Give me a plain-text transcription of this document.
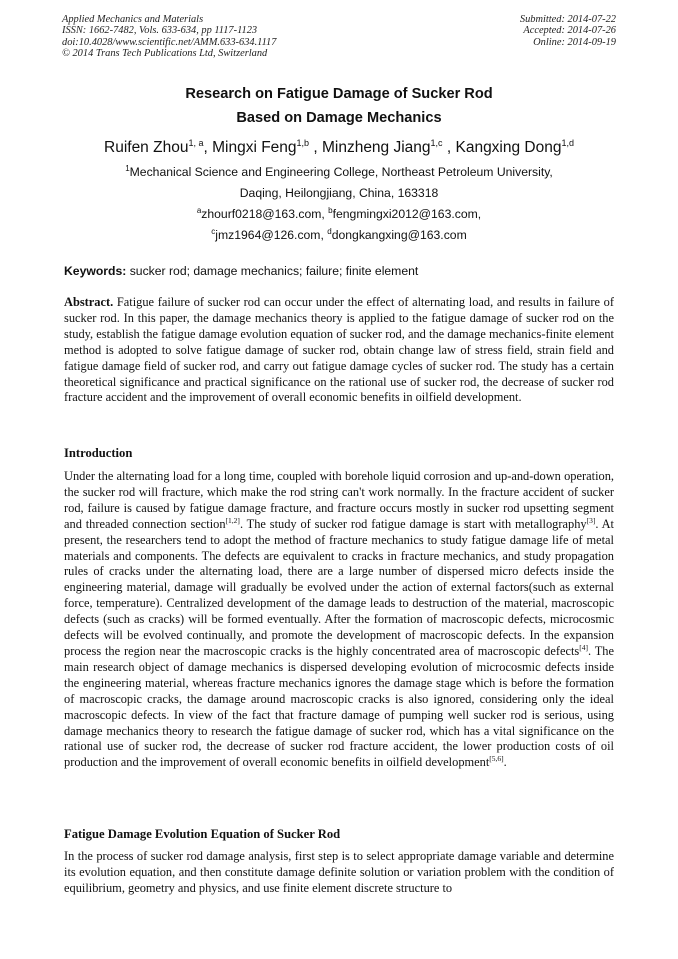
Applied Mechanics and Materials
ISSN: 1662-7482, Vols. 633-634, pp 1117-1123
doi:10.4028/www.scientific.net/AMM.633-634.1117
© 2014 Trans Tech Publications Ltd, Switzerland
Submitted: 2014-07-22
Accepted: 2014-07-26
Online: 2014-09-19
Research on Fatigue Damage of Sucker Rod
Based on Damage Mechanics
Ruifen Zhou$^{1, a}$, Mingxi Feng$^{1,b}$ , Minzheng Jiang$^{1,c}$ , Kangxing Dong$^{1,d}$
$^1$Mechanical Science and Engineering College, Northeast Petroleum University,
Daqing, Heilongjiang, China, 163318
$^a$zhourf0218@163.com, $^b$fengmingxi2012@163.com,
$^c$jmz1964@126.com, $^d$dongkangxing@163.com
Keywords: sucker rod; damage mechanics; failure; finite element
Abstract. Fatigue failure of sucker rod can occur under the effect of alternating load, and results in failure of sucker rod. In this paper, the damage mechanics theory is applied to the fatigue damage of sucker rod on the study, establish the fatigue damage evolution equation of sucker rod, and the damage mechanics-finite element method is adopted to solve fatigue damage of sucker rod, obtain change law of stress field, strain field and fatigue damage field of sucker rod, and carry out fatigue damage cycles of sucker rod. The study has a certain theoretical significance and practical significance on the rational use of sucker rod, the decrease of sucker rod fracture accident and the improvement of overall economic benefits in oilfield development.
Introduction
Under the alternating load for a long time, coupled with borehole liquid corrosion and up-and-down operation, the sucker rod will fracture, which make the rod string can't work normally. In the fracture accident of sucker rod, failure is caused by fatigue damage fracture, and fracture occurs mostly in sucker rod upsetting segment and threaded connection section[1,2]. The study of sucker rod fatigue damage is start with metallography[3]. At present, the researchers tend to adopt the method of fracture mechanics to study fatigue damage life of metal materials and components. The defects are equivalent to cracks in fracture mechanics, and study propagation rules of cracks under the alternating load, there are a large number of dispersed micro defects inside the engineering material, damage will gradually be evolved under the action of external factors(such as external force, temperature). Centralized development of the damage leads to destruction of the material, macroscopic defects (such as cracks) will be formed eventually. After the formation of macroscopic defects, microcosmic defects will be evolved continually, and promote the development of macroscopic defects. In the expansion process the region near the macroscopic cracks is the highly concentrated area of macroscopic defects[4]. The main research object of damage mechanics is dispersed developing evolution of microcosmic defects inside the engineering material, whereas fracture mechanics ignores the damage stage which is before the formation of macroscopic cracks, the damage around macroscopic cracks is also ignored, considering only the ideal macroscopic defects. In view of the fact that fracture damage of pumping well sucker rod is serious, using damage mechanics theory to research the fatigue damage of sucker rod, which has a vital significance on the rational use of sucker rod, the decrease of sucker rod fracture accident, the lower production costs of oil production and the improvement of overall economic benefits in oilfield development[5,6].
Fatigue Damage Evolution Equation of Sucker Rod
In the process of sucker rod damage analysis, first step is to select appropriate damage variable and determine its evolution equation, and then constitute damage definite solution or variation problem with the condition of equilibrium, geometry and physics, and use finite element discrete structure to
